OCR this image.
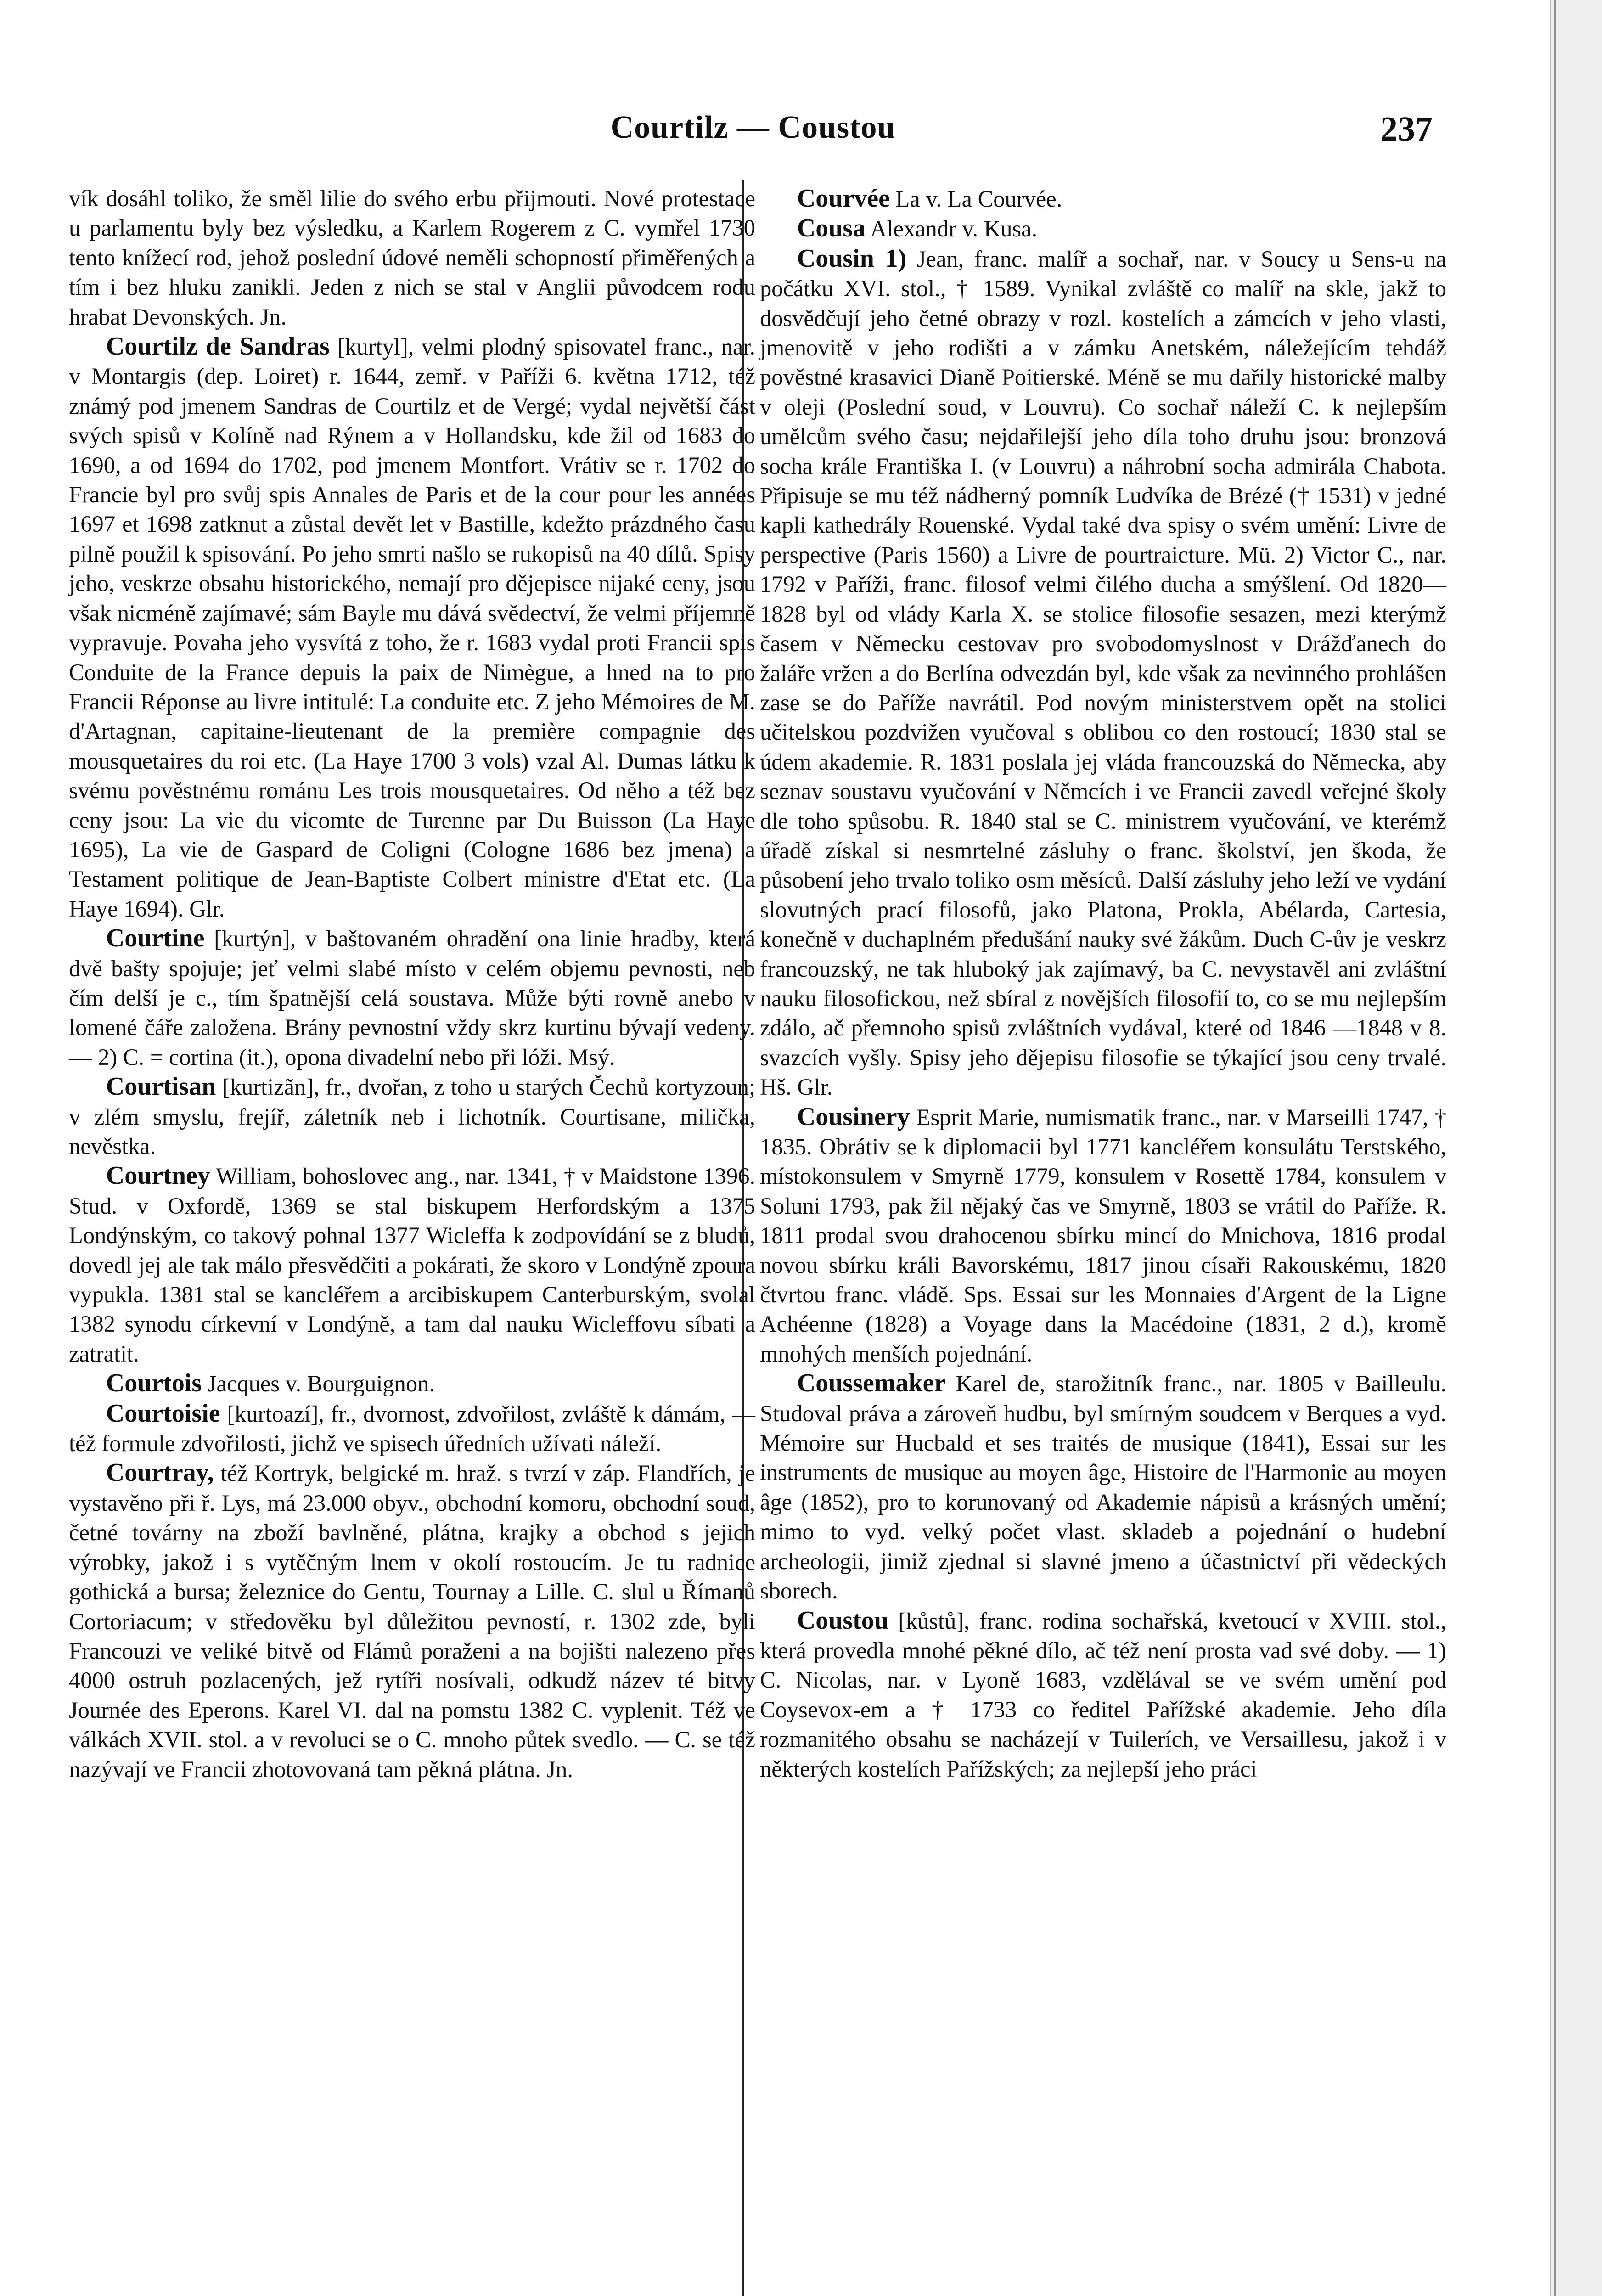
Courtilz — Coustou	237

vík dosáhl toliko, že směl lilie do svého erbu přijmouti. Nové protestace u parlamentu byly bez výsledku, a Karlem Rogerem z C. vymřel 1730 tento knížecí rod, jehož poslední údové neměli schopností přiměřených a tím i bez hluku zanikli. Jeden z nich se stal v Anglii původcem rodu hrabat Devonských. Jn.

Courtilz de Sandras [kurtyl], velmi plodný spisovatel franc., nar. v Montargis (dep. Loiret) r. 1644, zemř. v Paříži 6. května 1712, též známý pod jmenem Sandras de Courtilz et de Vergé; vydal největší část svých spisů v Kolíně nad Rýnem a v Hollandsku, kde žil od 1683 do 1690, a od 1694 do 1702, pod jmenem Montfort. Vrátiv se r. 1702 do Francie byl pro svůj spis Annales de Paris et de la cour pour les années 1697 et 1698 zatknut a zůstal devět let v Bastille, kdežto prázdného času pilně použil k spisování. Po jeho smrti našlo se rukopisů na 40 dílů. Spisy jeho, veskrze obsahu historického, nemají pro dějepisce nijaké ceny, jsou však nicméně zajímavé; sám Bayle mu dává svědectví, že velmi příjemně vypravuje. Povaha jeho vysvítá z toho, že r. 1683 vydal proti Francii spis Conduite de la France depuis la paix de Nimègue, a hned na to pro Francii Réponse au livre intitulé: La conduite etc. Z jeho Mémoires de M. d'Artagnan, capitaine-lieutenant de la première compagnie des mousquetaires du roi etc. (La Haye 1700 3 vols) vzal Al. Dumas látku k svému pověstnému románu Les trois mousquetaires. Od něho a též bez ceny jsou: La vie du vicomte de Turenne par Du Buisson (La Haye 1695), La vie de Gaspard de Coligni (Cologne 1686 bez jmena) a Testament politique de Jean-Baptiste Colbert ministre d'Etat etc. (La Haye 1694). Glr.

Courtine [kurtýn], v baštovaném ohradění ona linie hradby, která dvě bašty spojuje; jeť velmi slabé místo v celém objemu pevnosti, neb čím delší je c., tím špatnější celá soustava. Může býti rovně anebo v lomené čáře založena. Brány pevnostní vždy skrz kurtinu bývají vedeny. — 2) C. = cortina (it.), opona divadelní nebo při lóži. Msý.

Courtisan [kurtizãn], fr., dvořan, z toho u starých Čechů kortyzoun; v zlém smyslu, frejíř, záletník neb i lichotník. Courtisane, milička, nevěstka.

Courtney William, bohoslovec ang., nar. 1341, † v Maidstone 1396. Stud. v Oxfordě, 1369 se stal biskupem Herfordským a 1375 Londýnským, co takový pohnal 1377 Wicleffa k zodpovídání se z bludů, dovedl jej ale tak málo přesvědčiti a pokárati, že skoro v Londýně zpoura vypukla. 1381 stal se kancléřem a arcibiskupem Canterburským, svolal 1382 synodu církevní v Londýně, a tam dal nauku Wicleffovu síbati a zatratit.

Courtois Jacques v. Bourguignon.

Courtoisie [kurtoazí], fr., dvornost, zdvořilost, zvláště k dámám, — též formule zdvořilosti, jichž ve spisech úředních užívati náleží.

Courtray, též Kortryk, belgické m. hraž. s tvrzí v záp. Flandřích, je vystavěno při ř. Lys, má 23.000 obyv., obchodní komoru, obchodní soud, četné továrny na zboží bavlněné, plátna, krajky a obchod s jejich výrobky, jakož i s vytěčným lnem v okolí rostoucím. Je tu radnice gothická a bursa; železnice do Gentu, Tournay a Lille. C. slul u Římanů Cortoriacum; v středověku byl důležitou pevností, r. 1302 zde, byli Francouzi ve veliké bitvě od Flámů poraženi a na bojišti nalezeno přes 4000 ostruh pozlacených, jež rytíři nosívali, odkudž název té bitvy Journée des Eperons. Karel VI. dal na pomstu 1382 C. vyplenit. Též ve válkách XVII. stol. a v revoluci se o C. mnoho půtek svedlo. — C. se též nazývají ve Francii zhotovovaná tam pěkná plátna. Jn.

Courvée La v. La Courvée.

Cousa Alexandr v. Kusa.

Cousin 1) Jean, franc. malíř a sochař, nar. v Soucy u Sens-u na počátku XVI. stol., † 1589. Vynikal zvláště co malíř na skle, jakž to dosvědčují jeho četné obrazy v rozl. kostelích a zámcích v jeho vlasti, jmenovitě v jeho rodišti a v zámku Anetském, náležejícím tehdáž pověstné krasavici Dianě Poitierské. Méně se mu dařily historické malby v oleji (Poslední soud, v Louvru). Co sochař náleží C. k nejlepším umělcům svého času; nejdařilejší jeho díla toho druhu jsou: bronzová socha krále Františka I. (v Louvru) a náhrobní socha admirála Chabota. Připisuje se mu též nádherný pomník Ludvíka de Brézé († 1531) v jedné kapli kathedrály Rouenské. Vydal také dva spisy o svém umění: Livre de perspective (Paris 1560) a Livre de pourtraicture. Mü. 2) Victor C., nar. 1792 v Paříži, franc. filosof velmi čilého ducha a smýšlení. Od 1820—1828 byl od vlády Karla X. se stolice filosofie sesazen, mezi kterýmž časem v Německu cestovav pro svobodomyslnost v Drážďanech do žaláře vržen a do Berlína odvezdán byl, kde však za nevinného prohlášen zase se do Paříže navrátil. Pod novým ministerstvem opět na stolici učitelskou pozdvižen vyučoval s oblibou co den rostoucí; 1830 stal se údem akademie. R. 1831 poslala jej vláda francouzská do Německa, aby seznav soustavu vyučování v Němcích i ve Francii zavedl veřejné školy dle toho spůsobu. R. 1840 stal se C. ministrem vyučování, ve kterémž úřadě získal si nesmrtelné zásluhy o franc. školství, jen škoda, že působení jeho trvalo toliko osm měsíců. Další zásluhy jeho leží ve vydání slovutných prací filosofů, jako Platona, Prokla, Abélarda, Cartesia, konečně v duchaplném předušání nauky své žákům. Duch C-ův je veskrz francouzský, ne tak hluboký jak zajímavý, ba C. nevystavěl ani zvláštní nauku filosofickou, než sbíral z novějších filosofií to, co se mu nejlepším zdálo, ač přemnoho spisů zvláštních vydával, které od 1846 —1848 v 8. svazcích vyšly. Spisy jeho dějepisu filosofie se týkající jsou ceny trvalé. Hš. Glr.

Cousinery Esprit Marie, numismatik franc., nar. v Marseilli 1747, † 1835. Obrátiv se k diplomacii byl 1771 kancléřem konsulátu Terstského, místokonsulem v Smyrně 1779, konsulem v Rosettě 1784, konsulem v Soluni 1793, pak žil nějaký čas ve Smyrně, 1803 se vrátil do Paříže. R. 1811 prodal svou drahocenou sbírku mincí do Mnichova, 1816 prodal novou sbírku králi Bavorskému, 1817 jinou císaři Rakouskému, 1820 čtvrtou franc. vládě. Sps. Essai sur les Monnaies d'Argent de la Ligne Achéenne (1828) a Voyage dans la Macédoine (1831, 2 d.), kromě mnohých menších pojednání.

Coussemaker Karel de, starožitník franc., nar. 1805 v Bailleulu. Studoval práva a zároveň hudbu, byl smírným soudcem v Berques a vyd. Mémoire sur Hucbald et ses traités de musique (1841), Essai sur les instruments de musique au moyen âge, Histoire de l'Harmonie au moyen âge (1852), pro to korunovaný od Akademie nápisů a krásných umění; mimo to vyd. velký počet vlast. skladeb a pojednání o hudební archeologii, jimiž zjednal si slavné jmeno a účastnictví při vědeckých sborech.

Coustou [kůstů], franc. rodina sochařská, kvetoucí v XVIII. stol., která provedla mnohé pěkné dílo, ač též není prosta vad své doby. — 1) C. Nicolas, nar. v Lyoně 1683, vzdělával se ve svém umění pod Coysevox-em a † 1733 co ředitel Pařížské akademie. Jeho díla rozmanitého obsahu se nacházejí v Tuilerích, ve Versaillesu, jakož i v některých kostelích Pařížských; za nejlepší jeho práci
